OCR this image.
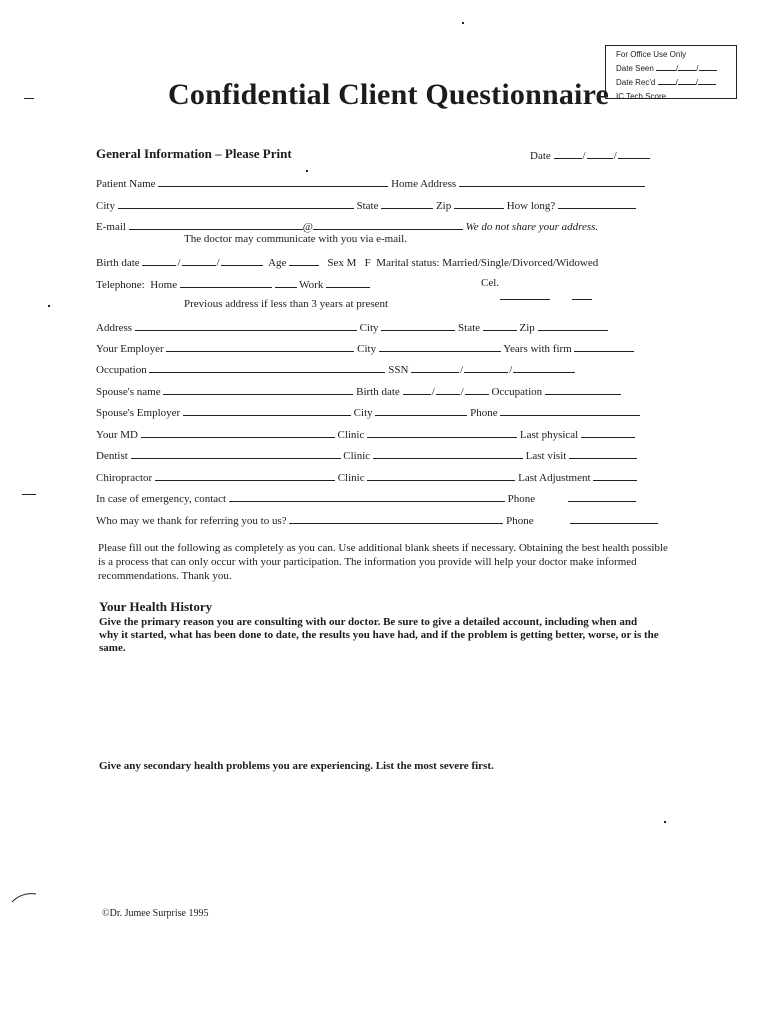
For Office Use Only
Date Seen	/ /
Date Rec'd	/ /
IC Tech Score
Confidential Client Questionnaire
General Information – Please Print	Date	/	/
Patient Name	Home Address
City	State	Zip	How long?
E-mail	@	We do not share your address.
The doctor may communicate with you via e-mail.
Birth date	/	/	Age	Sex M   F Marital status: Married/Single/Divorced/Widowed
Telephone:  Home	Work	Cel.
Previous address if less than 3 years at present
Address	City	State	Zip
Your Employer	City	Years with firm
Occupation	SSN	/	/
Spouse's name	Birth date	/ /	Occupation
Spouse's Employer	City	Phone
Your MD	Clinic	Last physical
Dentist	Clinic	Last visit
Chiropractor	Clinic	Last Adjustment
In case of emergency, contact	Phone
Who may we thank for referring you to us?	Phone
Please fill out the following as completely as you can. Use additional blank sheets if necessary. Obtaining the best health possible is a process that can only occur with your participation. The information you provide will help your doctor make informed recommendations. Thank you.
Your Health History
Give the primary reason you are consulting with our doctor. Be sure to give a detailed account, including when and why it started, what has been done to date, the results you have had, and if the problem is getting better, worse, or is the same.
Give any secondary health problems you are experiencing. List the most severe first.
©Dr. Jumee Surprise 1995
